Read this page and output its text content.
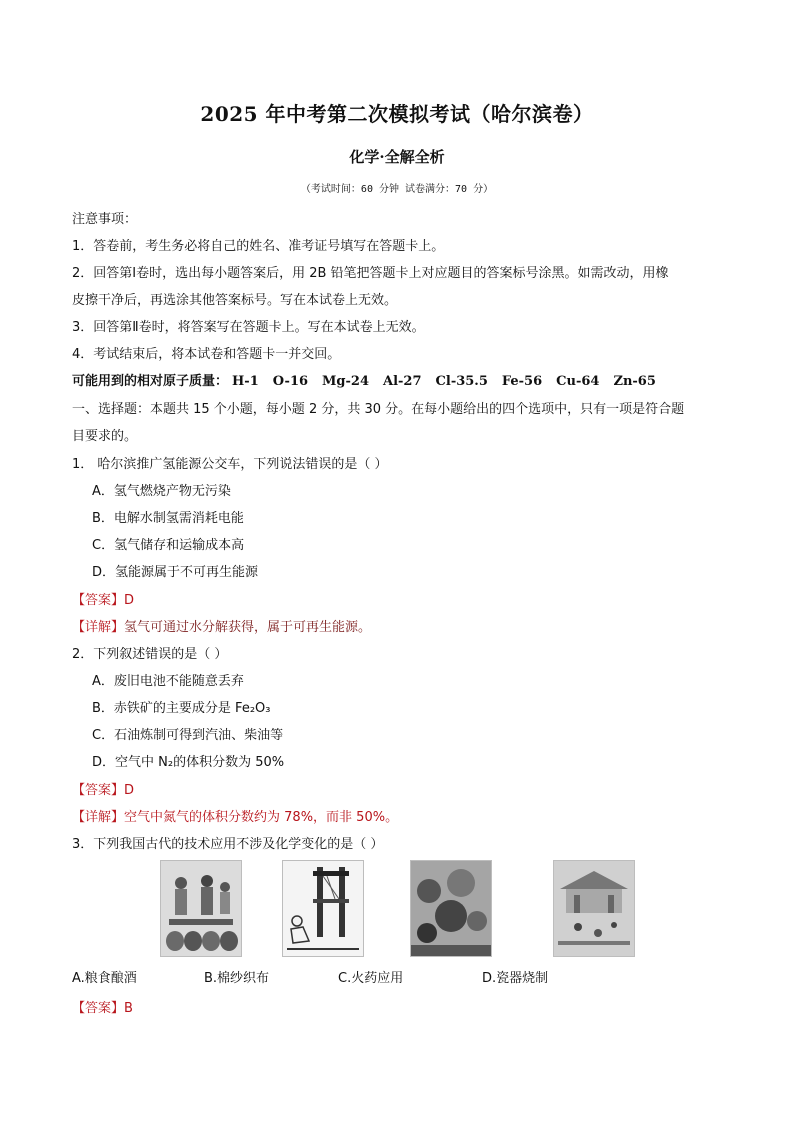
2025 年中考第二次模拟考试（哈尔滨卷）
化学·全解全析
（考试时间：60 分钟 试卷满分：70 分）
注意事项：
1．答卷前，考生务必将自己的姓名、准考证号填写在答题卡上。
2．回答第Ⅰ卷时，选出每小题答案后，用 2B 铅笔把答题卡上对应题目的答案标号涂黑。如需改动，用橡
皮擦干净后，再选涂其他答案标号。写在本试卷上无效。
3．回答第Ⅱ卷时，将答案写在答题卡上。写在本试卷上无效。
4．考试结束后，将本试卷和答题卡一并交回。
可能用到的相对原子质量： H-1 O-16 Mg-24 Al-27 Cl-35.5 Fe-56 Cu-64 Zn-65
一、选择题：本题共 15 个小题，每小题 2 分，共 30 分。在每小题给出的四个选项中，只有一项是符合题
目要求的。
1． 哈尔滨推广氢能源公交车，下列说法错误的是（ ）
A．氢气燃烧产物无污染
B．电解水制氢需消耗电能
C．氢气储存和运输成本高
D．氢能源属于不可再生能源
【答案】D
【详解】氢气可通过水分解获得，属于可再生能源。
2．下列叙述错误的是（ ）
A．废旧电池不能随意丢弃
B．赤铁矿的主要成分是 Fe₂O₃
C．石油炼制可得到汽油、柴油等
D．空气中 N₂的体积分数为 50%
【答案】D
【详解】空气中氮气的体积分数约为 78%，而非 50%。
3．下列我国古代的技术应用不涉及化学变化的是（ ）
A.粮食酿酒	B.棉纱织布	C.火药应用	D.瓷器烧制
【答案】B
